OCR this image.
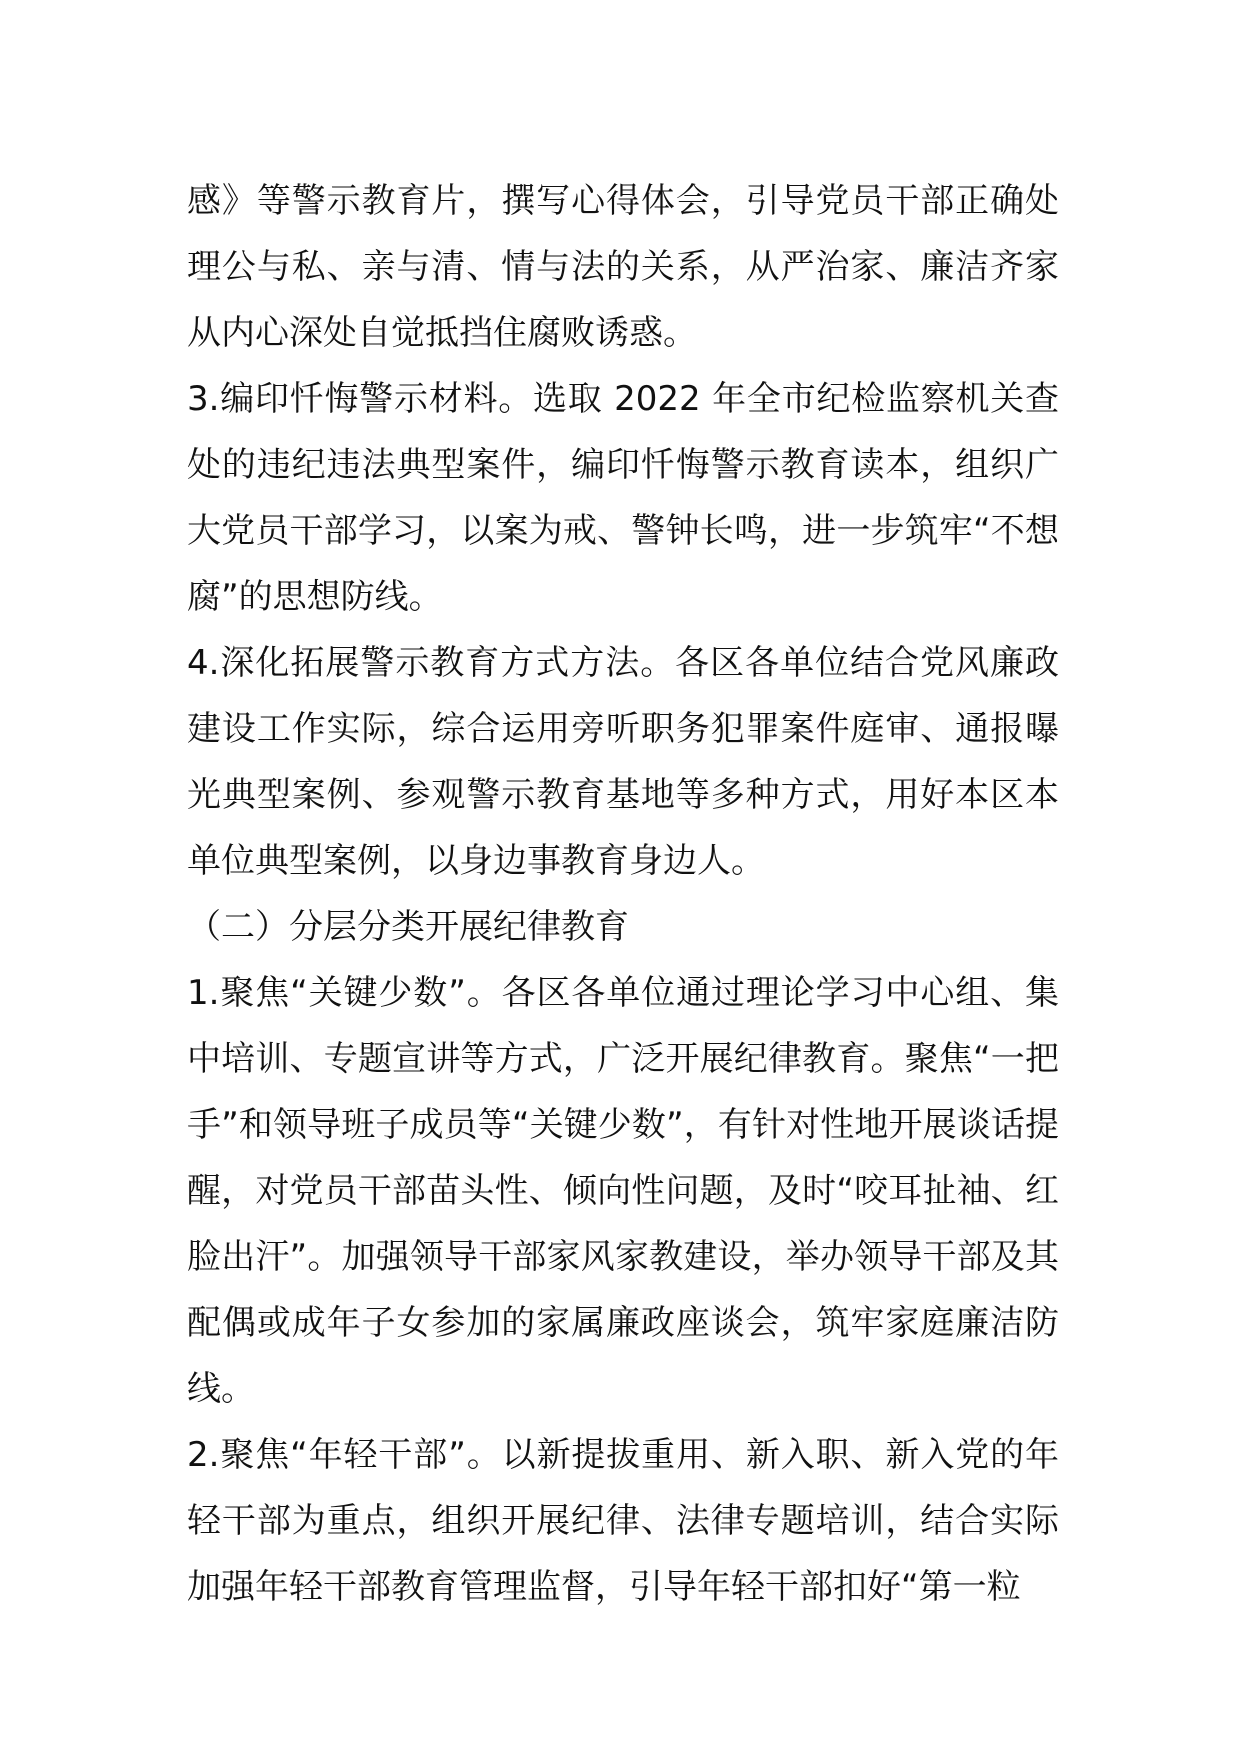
感》等警示教育片，撰写心得体会，引导党员干部正确处理公与私、亲与清、情与法的关系，从严治家、廉洁齐家从内心深处自觉抵挡住腐败诱惑。

3.编印忏悔警示材料。选取 2022 年全市纪检监察机关查处的违纪违法典型案件，编印忏悔警示教育读本，组织广大党员干部学习，以案为戒、警钟长鸣，进一步筑牢“不想腐”的思想防线。

4.深化拓展警示教育方式方法。各区各单位结合党风廉政建设工作实际，综合运用旁听职务犯罪案件庭审、通报曝光典型案例、参观警示教育基地等多种方式，用好本区本单位典型案例，以身边事教育身边人。

（二）分层分类开展纪律教育

1.聚焦“关键少数”。各区各单位通过理论学习中心组、集中培训、专题宣讲等方式，广泛开展纪律教育。聚焦“一把手”和领导班子成员等“关键少数”，有针对性地开展谈话提醒，对党员干部苗头性、倾向性问题，及时“咬耳扯袖、红脸出汗”。加强领导干部家风家教建设，举办领导干部及其配偶或成年子女参加的家属廉政座谈会，筑牢家庭廉洁防线。

2.聚焦“年轻干部”。以新提拔重用、新入职、新入党的年轻干部为重点，组织开展纪律、法律专题培训，结合实际加强年轻干部教育管理监督，引导年轻干部扣好“第一粒
